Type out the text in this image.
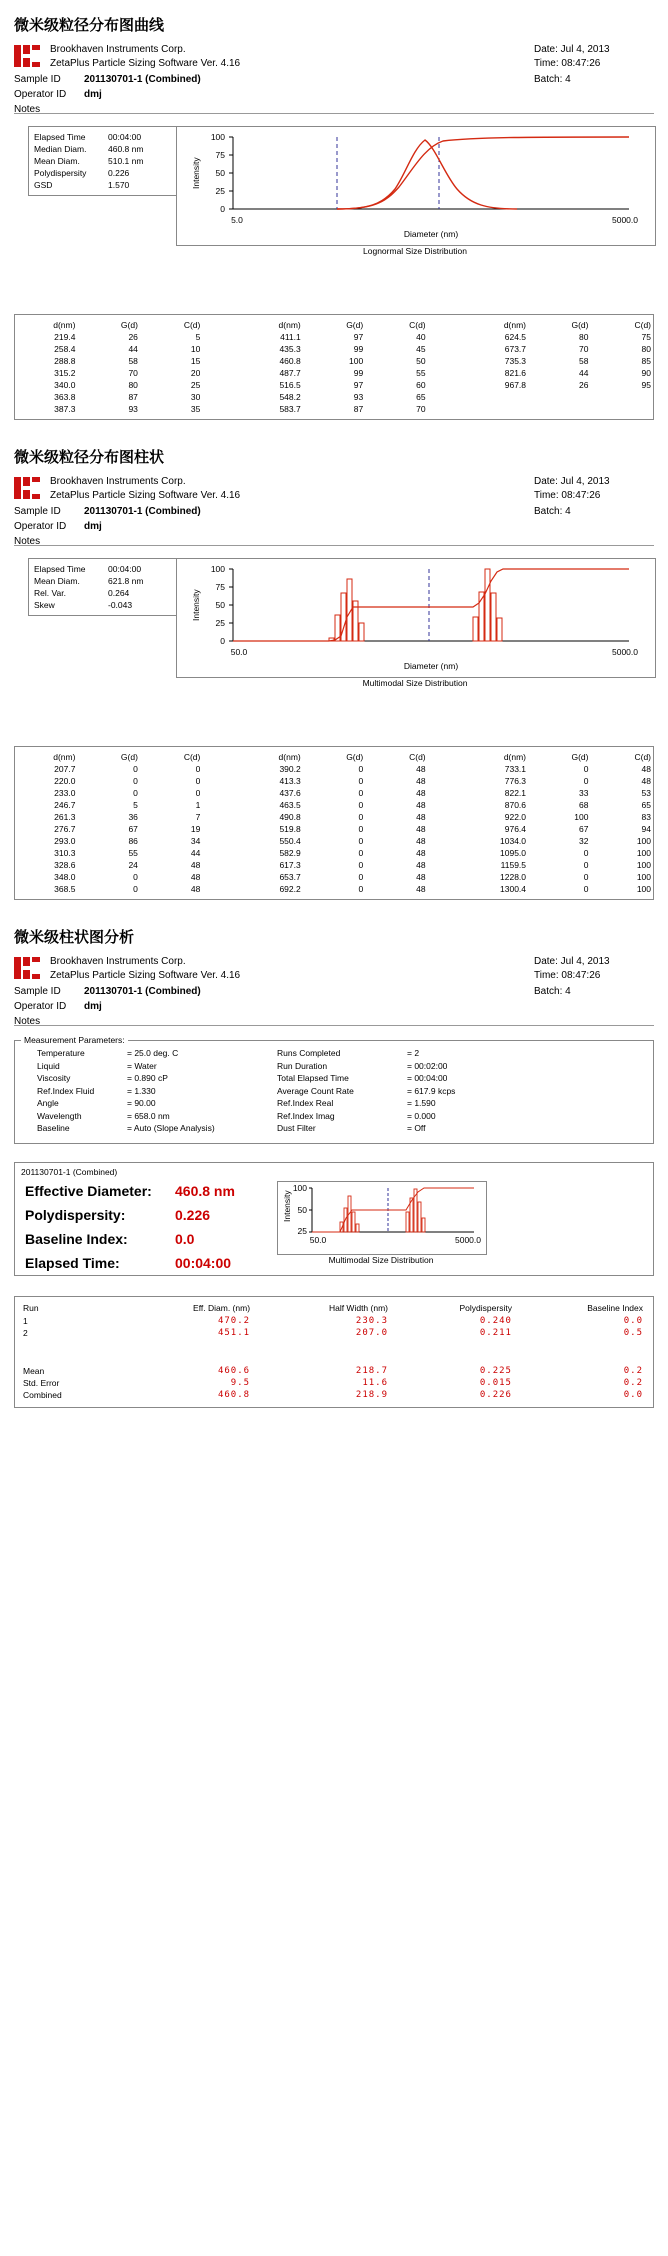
微米级粒径分布图曲线
Brookhaven Instruments Corp.
ZetaPlus Particle Sizing Software Ver. 4.16
Date: Jul 4, 2013
Time: 08:47:26
Batch: 4
Sample ID 201130701-1 (Combined)
Operator ID dmj
Notes
Elapsed Time	00:04:00
Median Diam.	460.8 nm
Mean Diam.	510.1 nm
Polydispersity	0.226
GSD	1.570
100
75
50
25
0
Intensity
5.0	5000.0
Diameter (nm)
Lognormal Size Distribution
d(nm)	G(d)	C(d)		d(nm)	G(d)	C(d)		d(nm)	G(d)	C(d)
219.4	26	5		411.1	97	40		624.5	80	75
258.4	44	10		435.3	99	45		673.7	70	80
288.8	58	15		460.8	100	50		735.3	58	85
315.2	70	20		487.7	99	55		821.6	44	90
340.0	80	25		516.5	97	60		967.8	26	95
363.8	87	30		548.2	93	65				
387.3	93	35		583.7	87	70				
微米级粒径分布图柱状
Brookhaven Instruments Corp.
ZetaPlus Particle Sizing Software Ver. 4.16
Date: Jul 4, 2013
Time: 08:47:26
Batch: 4
Sample ID 201130701-1 (Combined)
Operator ID dmj
Notes
Elapsed Time	00:04:00
Mean Diam.	621.8 nm
Rel. Var.	0.264
Skew	-0.043
100
75
50
25
0
Intensity
50.0	5000.0
Diameter (nm)
Multimodal Size Distribution
d(nm)	G(d)	C(d)		d(nm)	G(d)	C(d)		d(nm)	G(d)	C(d)
207.7	0	0		390.2	0	48		733.1	0	48
220.0	0	0		413.3	0	48		776.3	0	48
233.0	0	0		437.6	0	48		822.1	33	53
246.7	5	1		463.5	0	48		870.6	68	65
261.3	36	7		490.8	0	48		922.0	100	83
276.7	67	19		519.8	0	48		976.4	67	94
293.0	86	34		550.4	0	48		1034.0	32	100
310.3	55	44		582.9	0	48		1095.0	0	100
328.6	24	48		617.3	0	48		1159.5	0	100
348.0	0	48		653.7	0	48		1228.0	0	100
368.5	0	48		692.2	0	48		1300.4	0	100
微米级柱状图分析
Brookhaven Instruments Corp.
ZetaPlus Particle Sizing Software Ver. 4.16
Date: Jul 4, 2013
Time: 08:47:26
Batch: 4
Sample ID 201130701-1 (Combined)
Operator ID dmj
Notes
Measurement Parameters:
Temperature	= 25.0 deg. C	Runs Completed	= 2
Liquid	= Water	Run Duration	= 00:02:00
Viscosity	= 0.890 cP	Total Elapsed Time	= 00:04:00
Ref.Index Fluid	= 1.330	Average Count Rate	= 617.9 kcps
Angle	= 90.00	Ref.Index Real	= 1.590
Wavelength	= 658.0 nm	Ref.Index Imag	= 0.000
Baseline	= Auto (Slope Analysis)	Dust Filter	= Off
201130701-1 (Combined)
Effective Diameter: 460.8 nm
Polydispersity:	0.226
Baseline Index:	0.0
Elapsed Time:	00:04:00
100
50
25
Intensity
50.0	5000.0
Multimodal Size Distribution
Run	Eff. Diam. (nm)	Half Width (nm)	Polydispersity	Baseline Index
1	470.2	230.3	0.240	0.0
2	451.1	207.0	0.211	0.5

Mean	460.6	218.7	0.225	0.2
Std. Error	9.5	11.6	0.015	0.2
Combined	460.8	218.9	0.226	0.0
